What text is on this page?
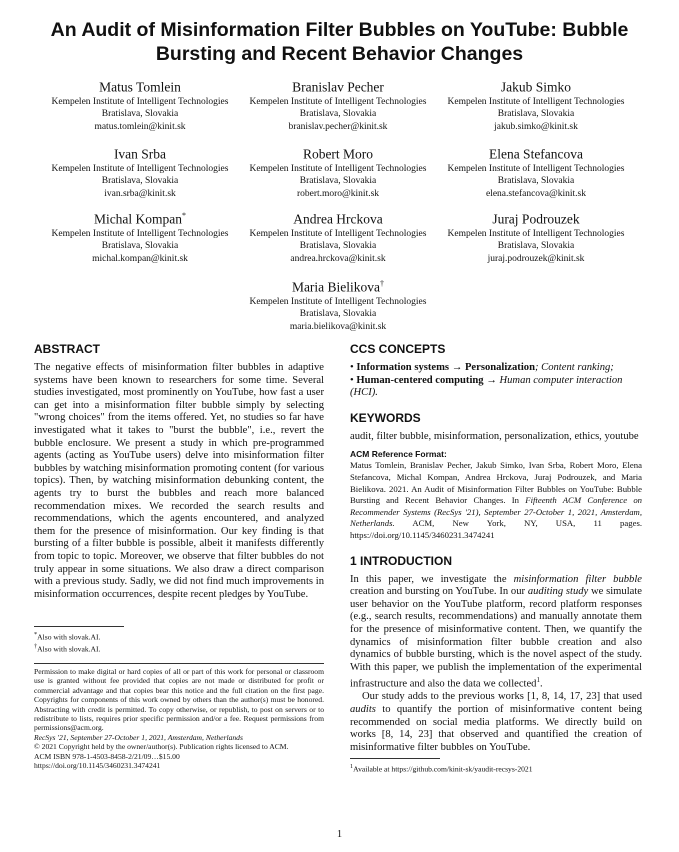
An Audit of Misinformation Filter Bubbles on YouTube: Bubble Bursting and Recent Behavior Changes
Matus Tomlein
Kempelen Institute of Intelligent Technologies
Bratislava, Slovakia
matus.tomlein@kinit.sk
Branislav Pecher
Kempelen Institute of Intelligent Technologies
Bratislava, Slovakia
branislav.pecher@kinit.sk
Jakub Simko
Kempelen Institute of Intelligent Technologies
Bratislava, Slovakia
jakub.simko@kinit.sk
Ivan Srba
Kempelen Institute of Intelligent Technologies
Bratislava, Slovakia
ivan.srba@kinit.sk
Robert Moro
Kempelen Institute of Intelligent Technologies
Bratislava, Slovakia
robert.moro@kinit.sk
Elena Stefancova
Kempelen Institute of Intelligent Technologies
Bratislava, Slovakia
elena.stefancova@kinit.sk
Michal Kompan*
Kempelen Institute of Intelligent Technologies
Bratislava, Slovakia
michal.kompan@kinit.sk
Andrea Hrckova
Kempelen Institute of Intelligent Technologies
Bratislava, Slovakia
andrea.hrckova@kinit.sk
Juraj Podrouzek
Kempelen Institute of Intelligent Technologies
Bratislava, Slovakia
juraj.podrouzek@kinit.sk
Maria Bielikova†
Kempelen Institute of Intelligent Technologies
Bratislava, Slovakia
maria.bielikova@kinit.sk
ABSTRACT

The negative effects of misinformation filter bubbles in adaptive systems have been known to researchers for some time. Several studies investigated, most prominently on YouTube, how fast a user can get into a misinformation filter bubble simply by selecting "wrong choices" from the items offered. Yet, no studies so far have investigated what it takes to "burst the bubble", i.e., revert the bubble enclosure. We present a study in which pre-programmed agents (acting as YouTube users) delve into misinformation filter bubbles by watching misinformation promoting content (for various topics). Then, by watching misinformation debunking content, the agents try to burst the bubbles and reach more balanced recommendation mixes. We recorded the search results and recommendations, which the agents encountered, and analyzed them for the presence of misinformation. Our key finding is that bursting of a filter bubble is possible, albeit it manifests differently from topic to topic. Moreover, we observe that filter bubbles do not truly appear in some situations. We also draw a direct comparison with a previous study. Sadly, we did not find much improvements in misinformation occurrences, despite recent pledges by YouTube.

*Also with slovak.AI.
†Also with slovak.AI.

Permission to make digital or hard copies of all or part of this work for personal or classroom use is granted without fee provided that copies are not made or distributed for profit or commercial advantage and that copies bear this notice and the full citation on the first page. Copyrights for components of this work owned by others than the author(s) must be honored. Abstracting with credit is permitted. To copy otherwise, or republish, to post on servers or to redistribute to lists, requires prior specific permission and/or a fee. Request permissions from permissions@acm.org.

RecSys '21, September 27-October 1, 2021, Amsterdam, Netherlands

© 2021 Copyright held by the owner/author(s). Publication rights licensed to ACM.

ACM ISBN 978-1-4503-8458-2/21/09…$15.00

https://doi.org/10.1145/3460231.3474241

CCS CONCEPTS

• Information systems → Personalization; Content ranking;

• Human-centered computing → Human computer interaction (HCI).

KEYWORDS

audit, filter bubble, misinformation, personalization, ethics, youtube

ACM Reference Format:

Matus Tomlein, Branislav Pecher, Jakub Simko, Ivan Srba, Robert Moro, Elena Stefancova, Michal Kompan, Andrea Hrckova, Juraj Podrouzek, and Maria Bielikova. 2021. An Audit of Misinformation Filter Bubbles on YouTube: Bubble Bursting and Recent Behavior Changes. In Fifteenth ACM Conference on Recommender Systems (RecSys '21), September 27-October 1, 2021, Amsterdam, Netherlands. ACM, New York, NY, USA, 11 pages. https://doi.org/10.1145/3460231.3474241

1 INTRODUCTION

In this paper, we investigate the misinformation filter bubble creation and bursting on YouTube. In our auditing study we simulate user behavior on the YouTube platform, record platform responses (e.g., search results, recommendations) and manually annotate them for the presence of misinformative content. Then, we quantify the dynamics of misinformation filter bubble creation and also dynamics of bubble bursting, which is the novel aspect of the study. With this paper, we publish the implementation of the experimental infrastructure and also the data we collected$^1$.

Our study adds to the previous works [1, 8, 14, 17, 23] that used audits to quantify the portion of misinformative content being recommended on social media platforms. We directly build on works [8, 14, 23] that observed and quantified the creation of misinformative filter bubbles on YouTube.

$^1$Available at https://github.com/kinit-sk/yaudit-recsys-2021
1
